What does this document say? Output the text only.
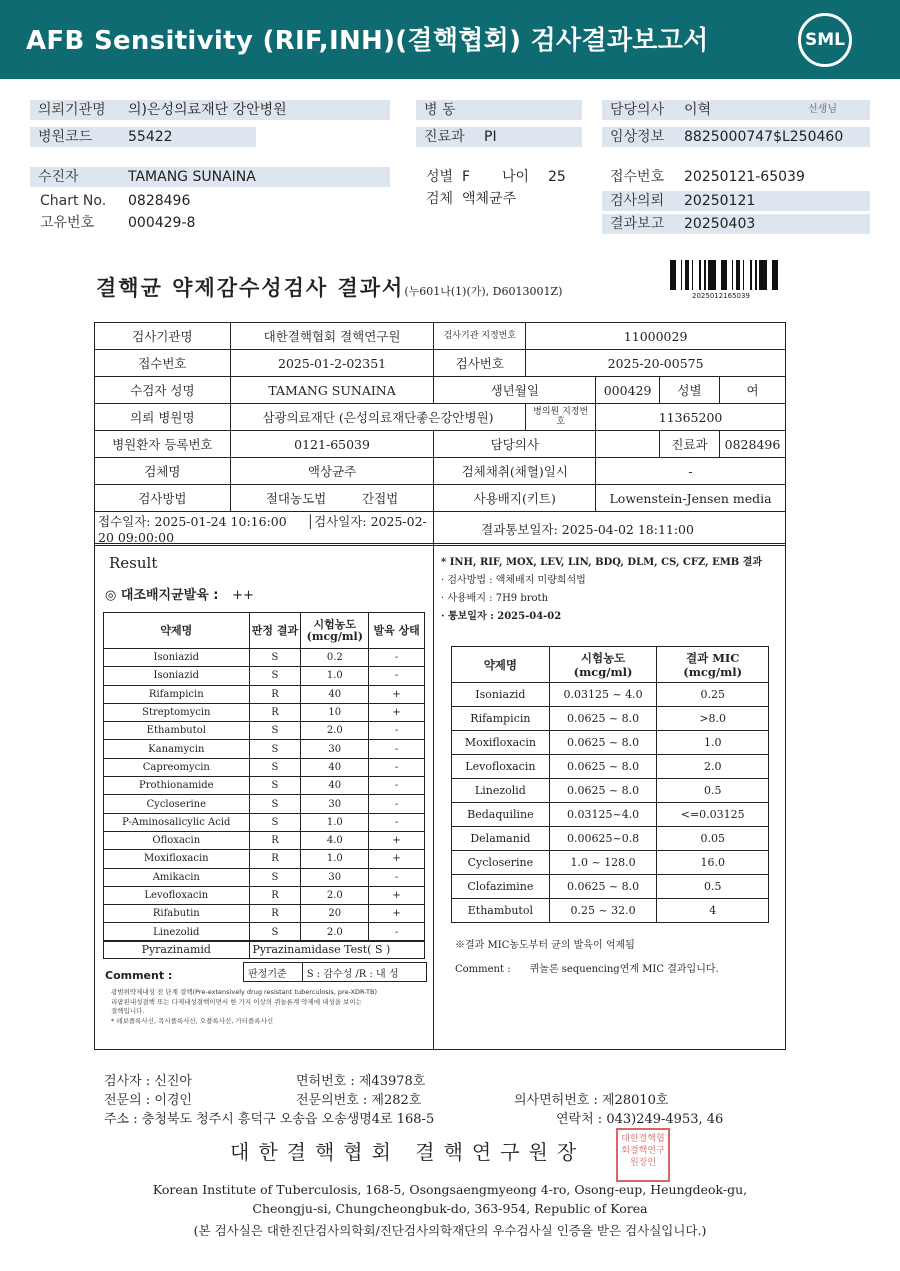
AFB Sensitivity (RIF,INH)(결핵협회) 검사결과보고서	SML
의뢰기관명 의)은성의료재단 강안병원
병원코드	55422
병 동
진료과 PI
담당의사 이혁	선생님
임상정보 8825000747$L250460
수진자	TAMANG SUNAINA
Chart No. 0828496
고유번호 000429-8
성별 F 나이 25
검체 액체균주
접수번호 20250121-65039
검사의뢰 20250121
결과보고 20250403
결핵균 약제감수성검사 결과서(누601나(1)(가), D6013001Z)	2025012165039
검사기관명	대한결핵협회 결핵연구원	검사기관 지정번호	11000029			
접수번호	2025-01-2-02351	검사번호	2025-20-00575			
수검자 성명	TAMANG SUNAINA	생년월일		000429	성별	여
의뢰 병원명	삼광의료재단 (은성의료재단좋은강안병원)		병의원 지정번호	11365200		
병원환자 등록번호	0121-65039	담당의사			진료과	0828496
검체명	액상균주	검체채취(채혈)일시		-		
검사방법	절대농도법 간접법	사용배지(키트)		Lowenstein-Jensen media		
접수일자: 2025-01-24 10:16:00     │검사일자: 2025-02-20 09:00:00		결과통보일자: 2025-04-02 18:11:00				
Result
◎ 대조배지균발육 : ++
약제명	판정 결과	시험농도 (mcg/ml)	발육 상태
Isoniazid	S	0.2	-
Isoniazid	S	1.0	-
Rifampicin	R	40	+
Streptomycin	R	10	+
Ethambutol	S	2.0	-
Kanamycin	S	30	-
Capreomycin	S	40	-
Prothionamide	S	40	-
Cycloserine	S	30	-
P-Aminosalicylic Acid	S	1.0	-
Ofloxacin	R	4.0	+
Moxifloxacin	R	1.0	+
Amikacin	S	30	-
Levofloxacin	R	2.0	+
Rifabutin	R	20	+
Linezolid	S	2.0	-
Pyrazinamid	Pyrazinamidase Test( S )
Comment :	판정기준	S : 감수성 /R : 내 성
광범위약제내성 전 단계 결핵(Pre-extensively drug resistant tuberculosis, pre-XDR-TB)
리팜핀내성결핵 또는 다제내성결핵이면서 한 가지 이상의 퀴놀론계 약제에 내성을 보이는
결핵입니다.
* 레보플록사신, 목시플록사신, 오플록사신, 가티플록사신
* INH, RIF, MOX, LEV, LIN, BDQ, DLM, CS, CFZ, EMB 결과
· 검사방법 : 액체배지 미량희석법
· 사용배지 : 7H9 broth
· 통보일자 : 2025-04-02
약제명	시험농도 (mcg/ml)	결과 MIC (mcg/ml)
Isoniazid	0.03125 ~ 4.0	0.25
Rifampicin	0.0625 ~ 8.0	>8.0
Moxifloxacin	0.0625 ~ 8.0	1.0
Levofloxacin	0.0625 ~ 8.0	2.0
Linezolid	0.0625 ~ 8.0	0.5
Bedaquiline	0.03125~4.0	<=0.03125
Delamanid	0.00625~0.8	0.05
Cycloserine	1.0 ~ 128.0	16.0
Clofazimine	0.0625 ~ 8.0	0.5
Ethambutol	0.25 ~ 32.0	4
※결과 MIC농도부터 균의 발육이 억제됨
Comment : 퀴놀론 sequencing연계 MIC 결과입니다.
검사자 : 신진아	면허번호 : 제43978호
전문의 : 이경인	전문의번호 : 제282호	의사면허번호 : 제28010호
주소 : 충청북도 청주시 흥덕구 오송읍 오송생명4로 168-5	연락처 : 043)249-4953, 46
대한결핵협회 결핵연구원장
대한결핵협회결핵연구원장인
Korean Institute of Tuberculosis, 168-5, Osongsaengmyeong 4-ro, Osong-eup, Heungdeok-gu,
Cheongju-si, Chungcheongbuk-do, 363-954, Republic of Korea
(본 검사실은 대한진단검사의학회/진단검사의학재단의 우수검사실 인증을 받은 검사실입니다.)
